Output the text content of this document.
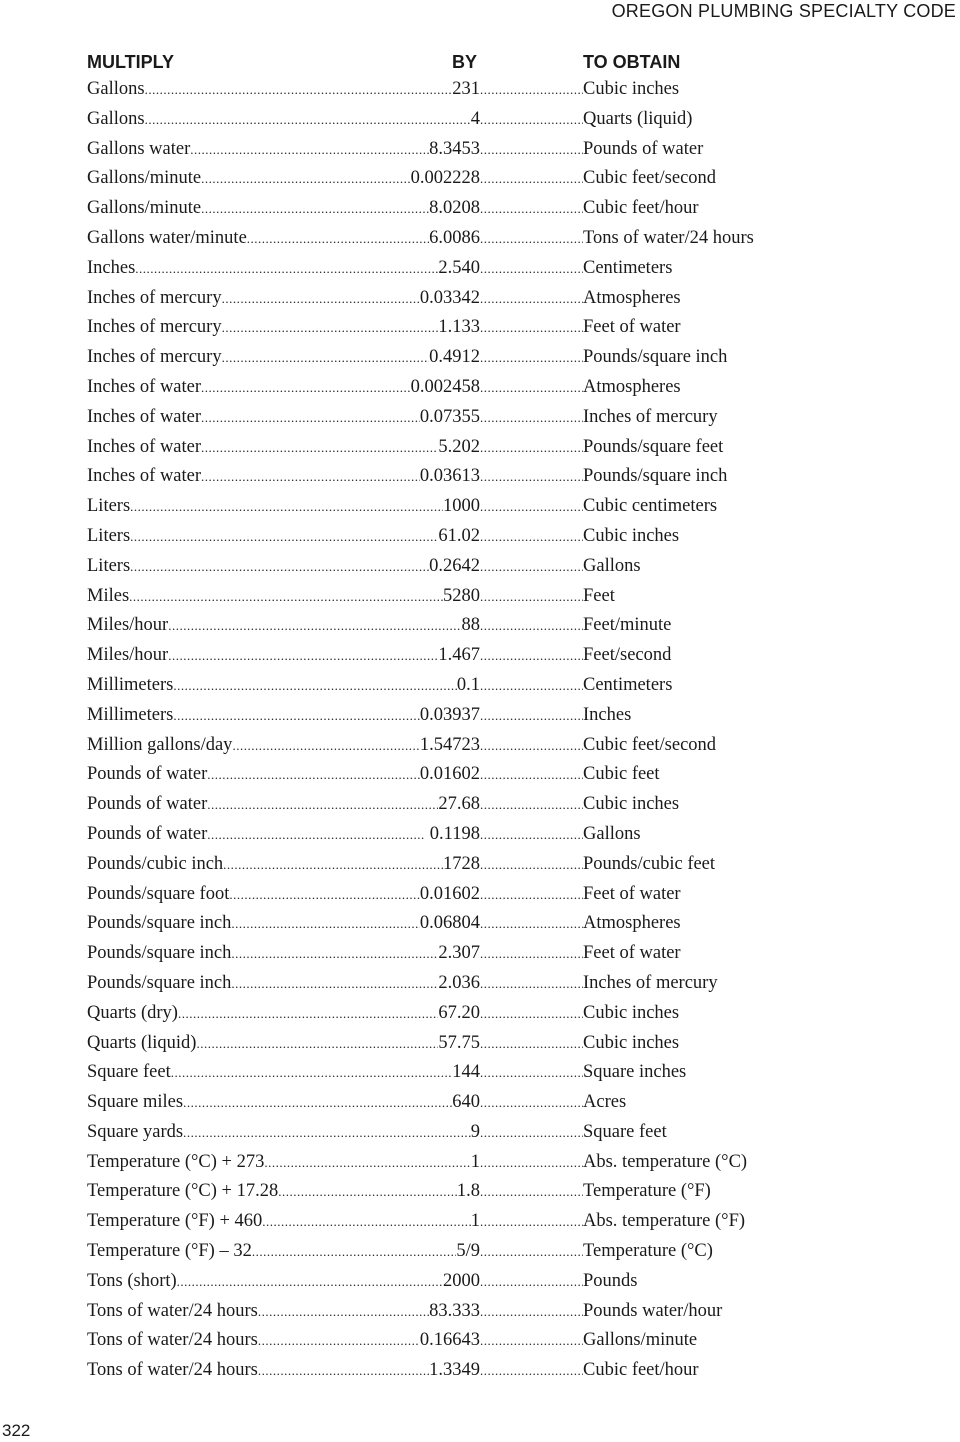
OREGON PLUMBING SPECIALTY CODE
MULTIPLY	BY	TO OBTAIN
Gallons .....	231 .....	Cubic inches
Gallons .....	4 .....	Quarts (liquid)
Gallons water .....	8.3453 .....	Pounds of water
Gallons/minute .....	0.002228 .....	Cubic feet/second
Gallons/minute .....	8.0208 .....	Cubic feet/hour
Gallons water/minute .....	6.0086 .....	Tons of water/24 hours
Inches .....	2.540 .....	Centimeters
Inches of mercury .....	0.03342 .....	Atmospheres
Inches of mercury .....	1.133 .....	Feet of water
Inches of mercury .....	0.4912 .....	Pounds/square inch
Inches of water .....	0.002458 .....	Atmospheres
Inches of water .....	0.07355 .....	Inches of mercury
Inches of water .....	5.202 .....	Pounds/square feet
Inches of water .....	0.03613 .....	Pounds/square inch
Liters .....	1000 .....	Cubic centimeters
Liters .....	61.02 .....	Cubic inches
Liters .....	0.2642 .....	Gallons
Miles .....	5280 .....	Feet
Miles/hour .....	88 .....	Feet/minute
Miles/hour .....	1.467 .....	Feet/second
Millimeters .....	0.1 .....	Centimeters
Millimeters .....	0.03937 .....	Inches
Million gallons/day .....	1.54723 .....	Cubic feet/second
Pounds of water .....	0.01602 .....	Cubic feet
Pounds of water .....	27.68 .....	Cubic inches
Pounds of water .....	0.1198 .....	Gallons
Pounds/cubic inch .....	1728 .....	Pounds/cubic feet
Pounds/square foot .....	0.01602 .....	Feet of water
Pounds/square inch .....	0.06804 .....	Atmospheres
Pounds/square inch .....	2.307 .....	Feet of water
Pounds/square inch .....	2.036 .....	Inches of mercury
Quarts (dry) .....	67.20 .....	Cubic inches
Quarts (liquid) .....	57.75 .....	Cubic inches
Square feet .....	144 .....	Square inches
Square miles .....	640 .....	Acres
Square yards .....	9 .....	Square feet
Temperature (°C) + 273 .....	1 .....	Abs. temperature (°C)
Temperature (°C) + 17.28 .....	1.8 .....	Temperature (°F)
Temperature (°F) + 460 .....	1 .....	Abs. temperature (°F)
Temperature (°F) – 32 .....	5/9 .....	Temperature (°C)
Tons (short) .....	2000 .....	Pounds
Tons of water/24 hours .....	83.333 .....	Pounds water/hour
Tons of water/24 hours .....	0.16643 .....	Gallons/minute
Tons of water/24 hours .....	1.3349 .....	Cubic feet/hour
322
